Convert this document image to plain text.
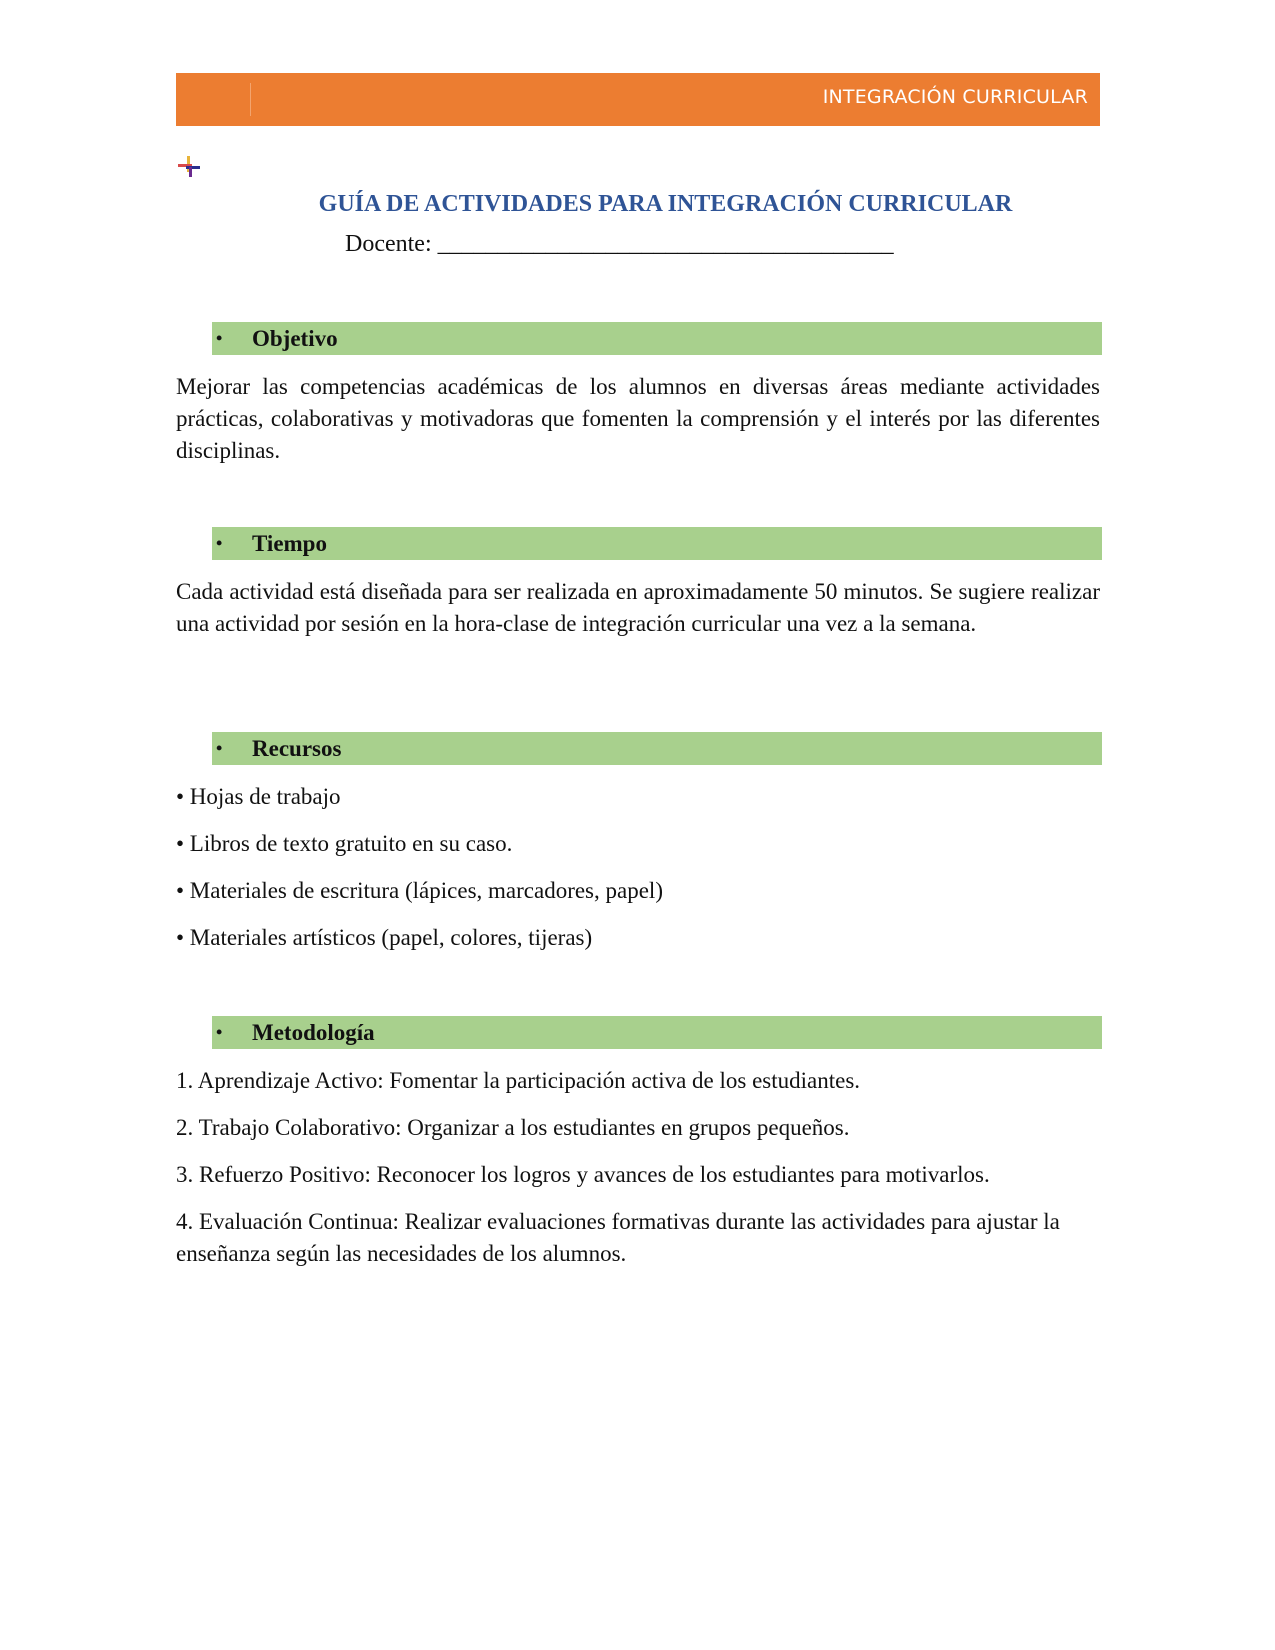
INTEGRACIÓN CURRICULAR
GUÍA DE ACTIVIDADES PARA INTEGRACIÓN CURRICULAR
Docente: ______________________________________
• Objetivo
Mejorar las competencias académicas de los alumnos en diversas áreas mediante actividades prácticas, colaborativas y motivadoras que fomenten la comprensión y el interés por las diferentes disciplinas.
• Tiempo
Cada actividad está diseñada para ser realizada en aproximadamente 50 minutos. Se sugiere realizar una actividad por sesión en la hora-clase de integración curricular una vez a la semana.
• Recursos
• Hojas de trabajo
• Libros de texto gratuito en su caso.
• Materiales de escritura (lápices, marcadores, papel)
• Materiales artísticos (papel, colores, tijeras)
• Metodología
1. Aprendizaje Activo: Fomentar la participación activa de los estudiantes.
2. Trabajo Colaborativo: Organizar a los estudiantes en grupos pequeños.
3. Refuerzo Positivo: Reconocer los logros y avances de los estudiantes para motivarlos.
4. Evaluación Continua: Realizar evaluaciones formativas durante las actividades para ajustar la enseñanza según las necesidades de los alumnos.
